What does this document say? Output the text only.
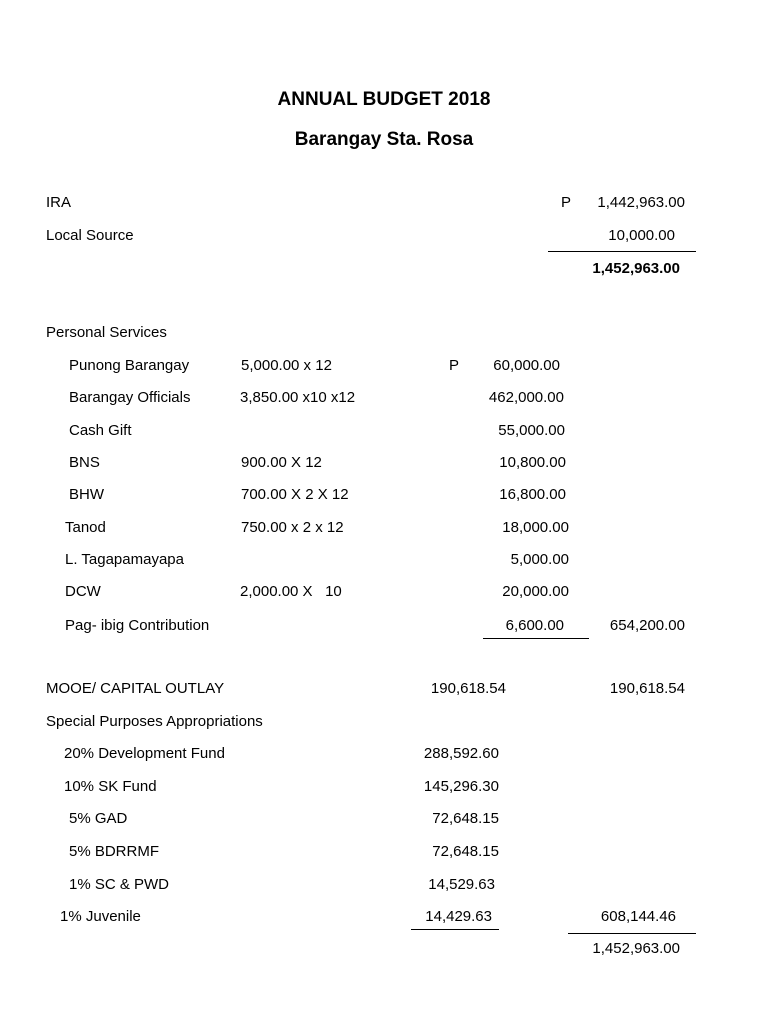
ANNUAL BUDGET 2018
Barangay Sta. Rosa
IRA	P	1,442,963.00
Local Source	10,000.00
1,452,963.00
Personal Services
Punong Barangay	5,000.00 x 12	P	60,000.00
Barangay Officials	3,850.00 x10 x12	462,000.00
Cash Gift	55,000.00
BNS	900.00 X 12	10,800.00
BHW	700.00 X 2 X 12	16,800.00
Tanod	750.00 x 2 x 12	18,000.00
L. Tagapamayapa	5,000.00
DCW	2,000.00 X   10	20,000.00
Pag- ibig Contribution	6,600.00	654,200.00
MOOE/ CAPITAL OUTLAY	190,618.54	190,618.54
Special Purposes Appropriations
20% Development Fund	288,592.60
10% SK Fund	145,296.30
5% GAD	72,648.15
5% BDRRMF	72,648.15
1% SC & PWD	14,529.63
1% Juvenile	14,429.63	608,144.46
1,452,963.00
